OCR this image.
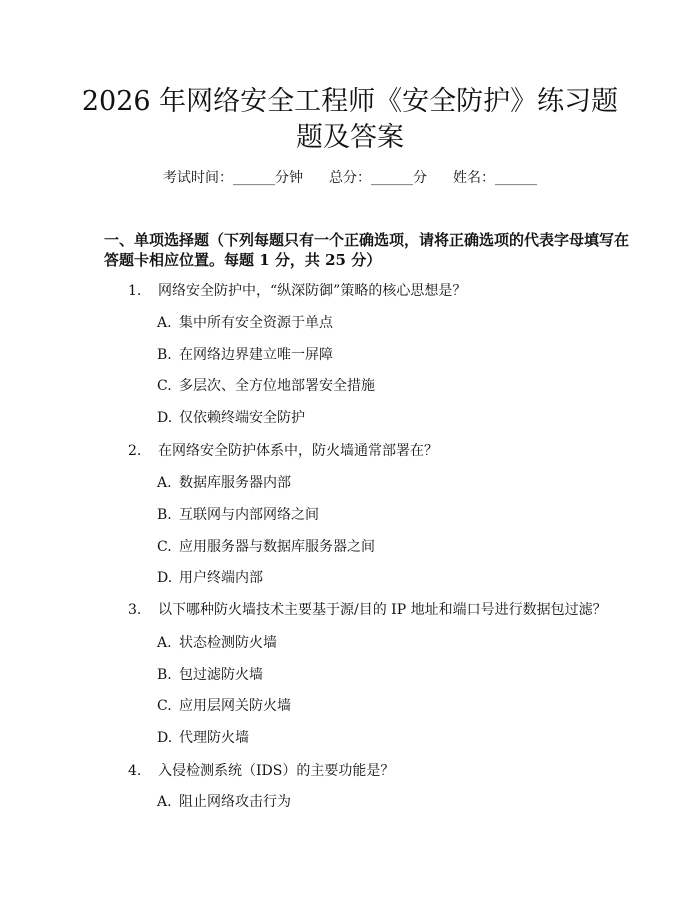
2026 年网络安全工程师《安全防护》练习题
题及答案
考试时间：______分钟 总分：______分 姓名：______
一、单项选择题（下列每题只有一个正确选项，请将正确选项的代表字母填写在
答题卡相应位置。每题 1 分，共 25 分）
1. 网络安全防护中，“纵深防御”策略的核心思想是？
A. 集中所有安全资源于单点
B. 在网络边界建立唯一屏障
C. 多层次、全方位地部署安全措施
D. 仅依赖终端安全防护
2. 在网络安全防护体系中，防火墙通常部署在？
A. 数据库服务器内部
B. 互联网与内部网络之间
C. 应用服务器与数据库服务器之间
D. 用户终端内部
3. 以下哪种防火墙技术主要基于源/目的 IP 地址和端口号进行数据包过滤？
A. 状态检测防火墙
B. 包过滤防火墙
C. 应用层网关防火墙
D. 代理防火墙
4. 入侵检测系统（IDS）的主要功能是？
A. 阻止网络攻击行为
